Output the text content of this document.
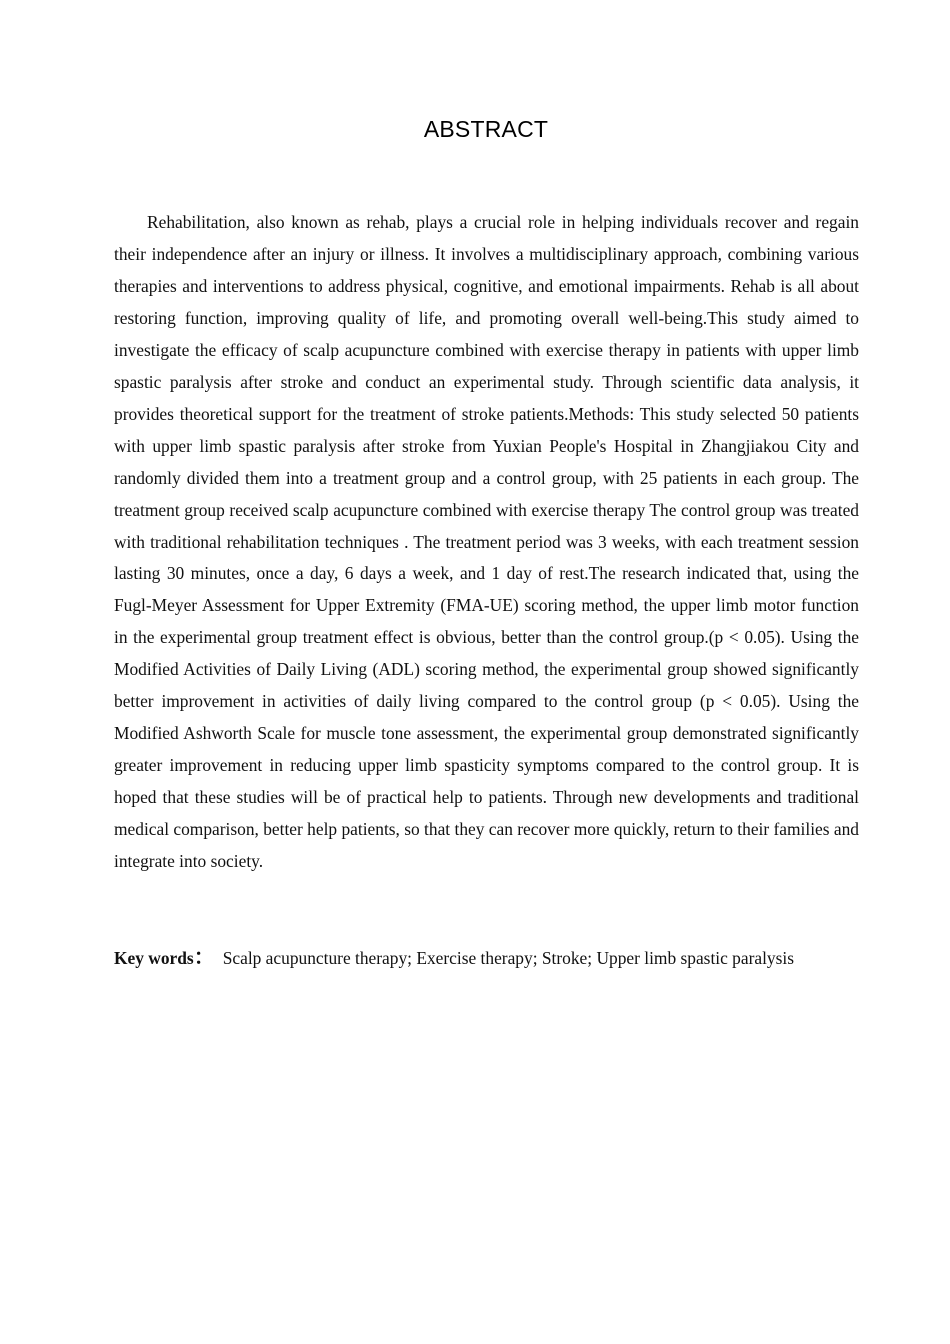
ABSTRACT

Rehabilitation, also known as rehab, plays a crucial role in helping individuals recover and regain their independence after an injury or illness. It involves a multidisciplinary approach, combining various therapies and interventions to address physical, cognitive, and emotional impairments. Rehab is all about restoring function, improving quality of life, and promoting overall well-being.This study aimed to investigate the efficacy of scalp acupuncture combined with exercise therapy in patients with upper limb spastic paralysis after stroke and conduct an experimental study. Through scientific data analysis, it provides theoretical support for the treatment of stroke patients.Methods: This study selected 50 patients with upper limb spastic paralysis after stroke from Yuxian People's Hospital in Zhangjiakou City and randomly divided them into a treatment group and a control group, with 25 patients in each group. The treatment group received scalp acupuncture combined with exercise therapy The control group was treated with traditional rehabilitation techniques . The treatment period was 3 weeks, with each treatment session lasting 30 minutes, once a day, 6 days a week, and 1 day of rest.The research indicated that, using the Fugl-Meyer Assessment for Upper Extremity (FMA-UE) scoring method, the upper limb motor function in the experimental group treatment effect is obvious, better than the control group.(p < 0.05). Using the Modified Activities of Daily Living (ADL) scoring method, the experimental group showed significantly better improvement in activities of daily living compared to the control group (p < 0.05). Using the Modified Ashworth Scale for muscle tone assessment, the experimental group demonstrated significantly greater improvement in reducing upper limb spasticity symptoms compared to the control group. It is hoped that these studies will be of practical help to patients. Through new developments and traditional medical comparison, better help patients, so that they can recover more quickly, return to their families and integrate into society.

Key words： Scalp acupuncture therapy; Exercise therapy; Stroke; Upper limb spastic paralysis
